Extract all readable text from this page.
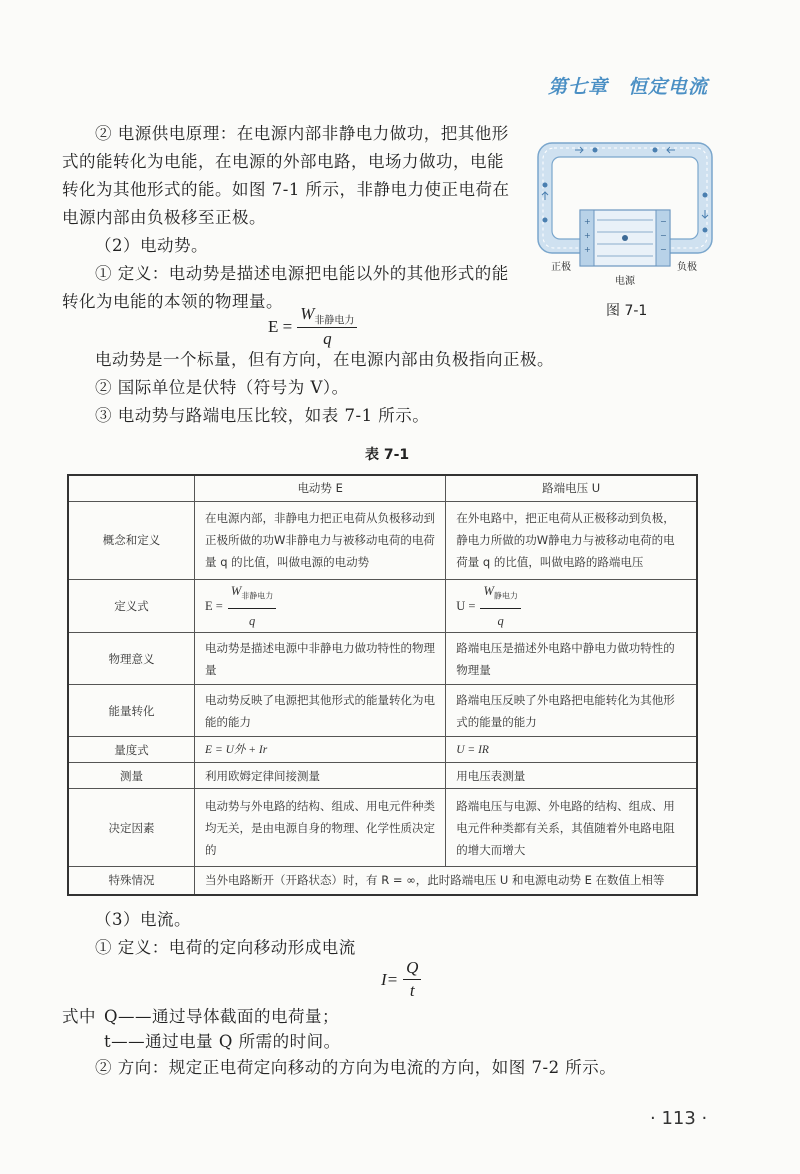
第七章　恒定电流
② 电源供电原理：在电源内部非静电力做功，把其他形式的能转化为电能，在电源的外部电路，电场力做功，电能转化为其他形式的能。如图 7-1 所示，非静电力使正电荷在电源内部由负极移至正极。
（2）电动势。
① 定义：电动势是描述电源把电能以外的其他形式的能转化为电能的本领的物理量。
$E = \frac{W_{非静电力}}{q}$
电动势是一个标量，但有方向，在电源内部由负极指向正极。
② 国际单位是伏特（符号为 V）。
③ 电动势与路端电压比较，如表 7-1 所示。
+
+
+
−
−
−
正极	负极
电源
图 7-1
表 7-1
	电动势 E	路端电压 U
概念和定义	在电源内部，非静电力把正电荷从负极移动到正极所做的功W非静电力与被移动电荷的电荷量 q 的比值，叫做电源的电动势	在外电路中，把正电荷从正极移动到负极，静电力所做的功W静电力与被移动电荷的电荷量 q 的比值，叫做电路的路端电压
定义式	$E = \frac{W_{非静电力}}{q}$	$U = \frac{W_{静电力}}{q}$

物理意义	电动势是描述电源中非静电力做功特性的物理量	路端电压是描述外电路中静电力做功特性的物理量
能量转化	电动势反映了电源把其他形式的能量转化为电能的能力	路端电压反映了外电路把电能转化为其他形式的能量的能力
量度式	E = U外 + Ir	U = IR
测量	利用欧姆定律间接测量	用电压表测量
决定因素	电动势与外电路的结构、组成、用电元件种类均无关，是由电源自身的物理、化学性质决定的	路端电压与电源、外电路的结构、组成、用电元件种类都有关系，其值随着外电路电阻的增大而增大
特殊情况	当外电路断开（开路状态）时，有 R = ∞，此时路端电压 U 和电源电动势 E 在数值上相等	
（3）电流。
① 定义：电荷的定向移动形成电流
$I= \frac{Q}{t}$
式中 Q——通过导体截面的电荷量；
t——通过电量 Q 所需的时间。
② 方向：规定正电荷定向移动的方向为电流的方向，如图 7-2 所示。
· 113 ·
